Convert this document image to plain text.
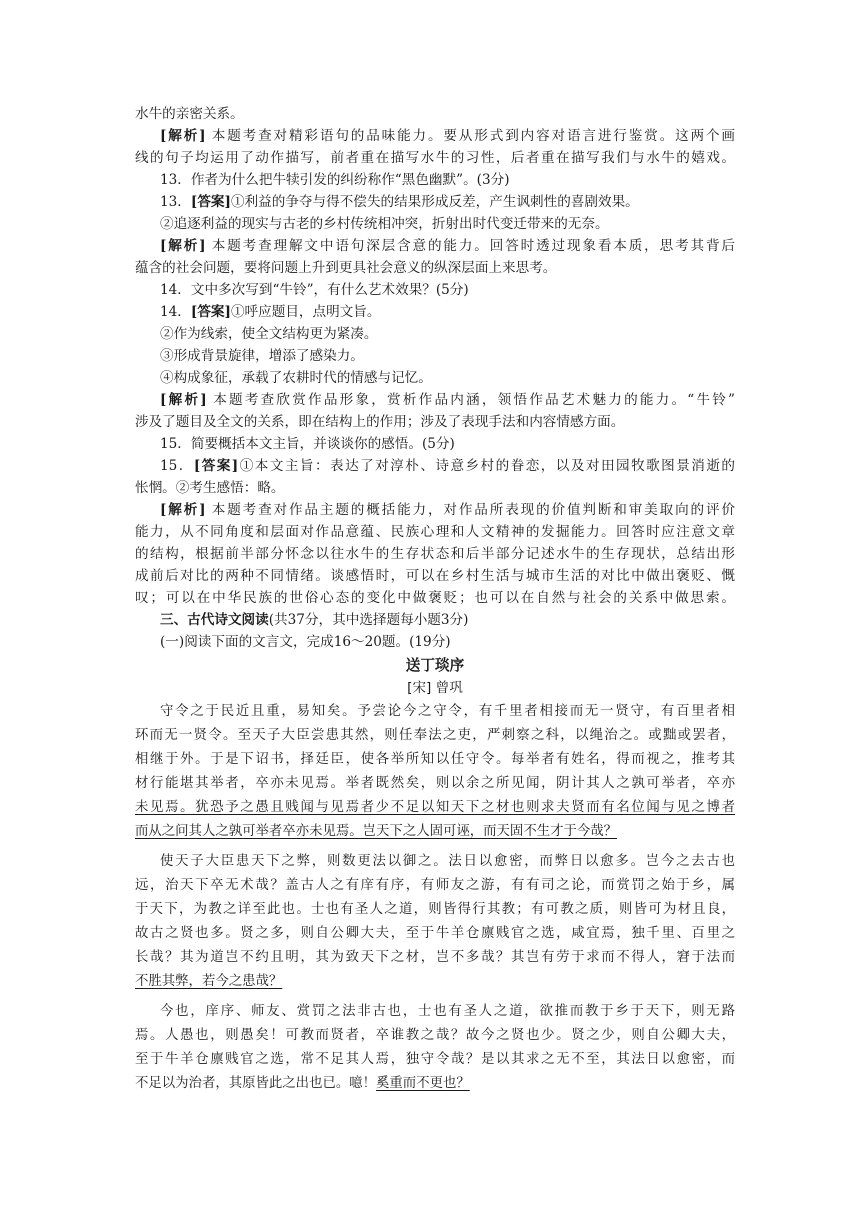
水牛的亲密关系。
[解析] 本题考查对精彩语句的品味能力。要从形式到内容对语言进行鉴赏。这两个画
线的句子均运用了动作描写，前者重在描写水牛的习性，后者重在描写我们与水牛的嬉戏。
13．作者为什么把牛犊引发的纠纷称作“黑色幽默”。(3分)
13．[答案]①利益的争夺与得不偿失的结果形成反差，产生讽刺性的喜剧效果。
②追逐利益的现实与古老的乡村传统相冲突，折射出时代变迁带来的无奈。
[解析] 本题考查理解文中语句深层含意的能力。回答时透过现象看本质，思考其背后
蕴含的社会问题，要将问题上升到更具社会意义的纵深层面上来思考。
14．文中多次写到“牛铃”，有什么艺术效果？(5分)
14．[答案]①呼应题目，点明文旨。
②作为线索，使全文结构更为紧凑。
③形成背景旋律，增添了感染力。
④构成象征，承载了农耕时代的情感与记忆。
[解析] 本题考查欣赏作品形象，赏析作品内涵，领悟作品艺术魅力的能力。“牛铃”
涉及了题目及全文的关系，即在结构上的作用；涉及了表现手法和内容情感方面。
15．简要概括本文主旨，并谈谈你的感悟。(5分)
15．[答案]①本文主旨：表达了对淳朴、诗意乡村的眷恋，以及对田园牧歌图景消逝的
怅惘。②考生感悟：略。
[解析] 本题考查对作品主题的概括能力，对作品所表现的价值判断和审美取向的评价
能力，从不同角度和层面对作品意蕴、民族心理和人文精神的发掘能力。回答时应注意文章
的结构，根据前半部分怀念以往水牛的生存状态和后半部分记述水牛的生存现状，总结出形
成前后对比的两种不同情绪。谈感悟时，可以在乡村生活与城市生活的对比中做出褒贬、慨
叹；可以在中华民族的世俗心态的变化中做褒贬；也可以在自然与社会的关系中做思索。
三、古代诗文阅读(共37分，其中选择题每小题3分)
(一)阅读下面的文言文，完成16～20题。(19分)
送丁琰序
[宋] 曾巩
守令之于民近且重，易知矣。予尝论今之守令，有千里者相接而无一贤守，有百里者相
环而无一贤令。至天子大臣尝患其然，则任奉法之吏，严刺察之科，以绳治之。或黜或罢者，
相继于外。于是下诏书，择廷臣，使各举所知以任守令。每举者有姓名，得而视之，推考其
材行能堪其举者，卒亦未见焉。举者既然矣，则以余之所见闻，阴计其人之孰可举者，卒亦
未见焉。犹恐予之愚且贱闻与见焉者少不足以知天下之材也则求夫贤而有名位闻与见之博者
而从之问其人之孰可举者卒亦未见焉。岂天下之人固可诬，而天固不生才于今哉？
使天子大臣患天下之弊，则数更法以御之。法日以愈密，而弊日以愈多。岂今之去古也
远，治天下卒无术哉？盖古人之有庠有序，有师友之游，有有司之论，而赏罚之始于乡，属
于天下，为教之详至此也。士也有圣人之道，则皆得行其教；有可教之质，则皆可为材且良，
故古之贤也多。贤之多，则自公卿大夫，至于牛羊仓廪贱官之选，咸宜焉，独千里、百里之
长哉？其为道岂不约且明，其为致天下之材，岂不多哉？其岂有劳于求而不得人，窘于法而
不胜其弊，若今之患哉？
今也，庠序、师友、赏罚之法非古也，士也有圣人之道，欲推而教于乡于天下，则无路
焉。人愚也，则愚矣！可教而贤者，卒谁教之哉？故今之贤也少。贤之少，则自公卿大夫，
至于牛羊仓廪贱官之选，常不足其人焉，独守令哉？是以其求之无不至，其法日以愈密，而
不足以为治者，其原皆此之出也已。噫！奚重而不更也？
